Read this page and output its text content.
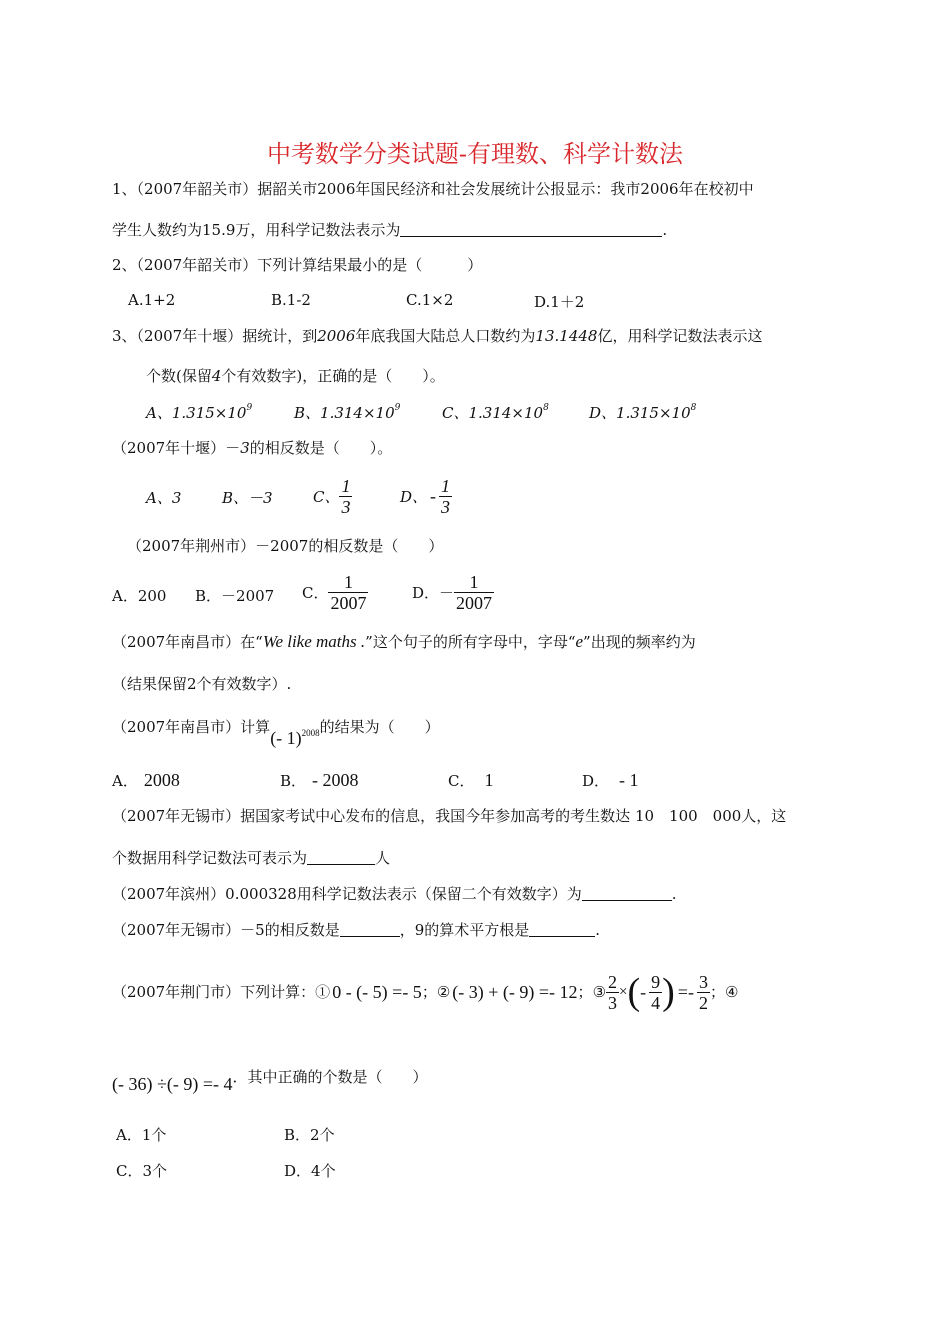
中考数学分类试题-有理数、科学计数法
1、（2007年韶关市）据韶关市2006年国民经济和社会发展统计公报显示：我市2006年在校初中
学生人数约为15.9万，用科学记数法表示为	.
2、（2007年韶关市）下列计算结果最小的是（　　　）
A.1+2	B.1-2	C.1×2	D.1＋2
3、（2007年十堰）据统计，到2006年底我国大陆总人口数约为13.1448亿，用科学记数法表示这
个数(保留4个有效数字)，正确的是（　　）。
A、$1.315\times 10^9$	B、$1.314\times 10^9$	C、$1.314\times 10^8$	D、$1.315\times 10^8$
（2007年十堰）－3的相反数是（　　）。
A、3	B、－3	C、 $\frac{1}{3}$	D、 - $\frac{1}{3}$
（2007年荆州市）－2007的相反数是（　　）
A．200 B．－2007 C． $\frac{1}{2007}$	D．－ $\frac{1}{2007}$
（2007年南昌市）在“We like maths .”这个句子的所有字母中，字母“e”出现的频率约为
（结果保留2个有效数字）.
（2007年南昌市）计算(- 1)$^{2008}$的结果为（　　）
A． 2008	B． - 2008	C． 1	D． - 1
（2007年无锡市）据国家考试中心发布的信息，我国今年参加高考的考生数达 10　100　000人，这
个数据用科学记数法可表示为	人
（2007年滨州）0.000328用科学记数法表示（保留二个有效数字）为	.
（2007年无锡市）－5的相反数是	，9的算术平方根是	.
（2007年荆门市）下列计算：① 0 - (- 5) =- 5；② (- 3) + (- 9) =- 12；③ $\frac{2}{3}$ ×(- $\frac{9}{4}$ ) =- $\frac{3}{2}$ ；④
(- 36) ÷(- 9) =- 4．其中正确的个数是（　　）
A．1个	B．2个
C．3个	D．4个
